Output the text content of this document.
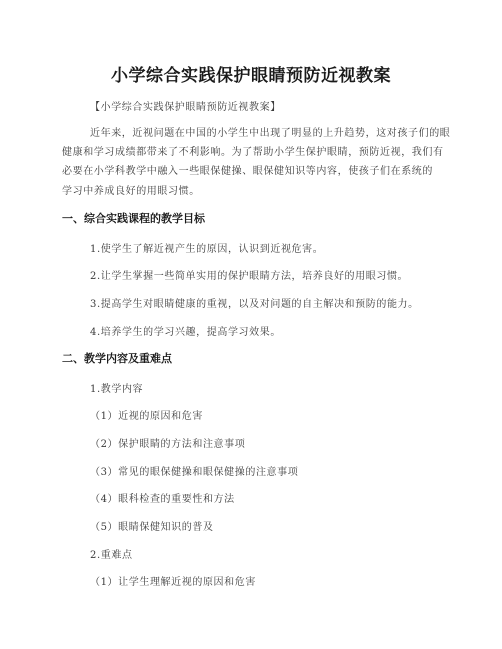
小学综合实践保护眼睛预防近视教案
【小学综合实践保护眼睛预防近视教案】
近年来，近视问题在中国的小学生中出现了明显的上升趋势，这对孩子们的眼
健康和学习成绩都带来了不利影响。为了帮助小学生保护眼睛，预防近视，我们有
必要在小学科教学中融入一些眼保健操、眼保健知识等内容，使孩子们在系统的
学习中养成良好的用眼习惯。
一、综合实践课程的教学目标
1.使学生了解近视产生的原因，认识到近视危害。
2.让学生掌握一些简单实用的保护眼睛方法，培养良好的用眼习惯。
3.提高学生对眼睛健康的重视，以及对问题的自主解决和预防的能力。
4.培养学生的学习兴趣，提高学习效果。
二、教学内容及重难点
1.教学内容
（1）近视的原因和危害
（2）保护眼睛的方法和注意事项
（3）常见的眼保健操和眼保健操的注意事项
（4）眼科检查的重要性和方法
（5）眼睛保健知识的普及
2.重难点
（1）让学生理解近视的原因和危害
